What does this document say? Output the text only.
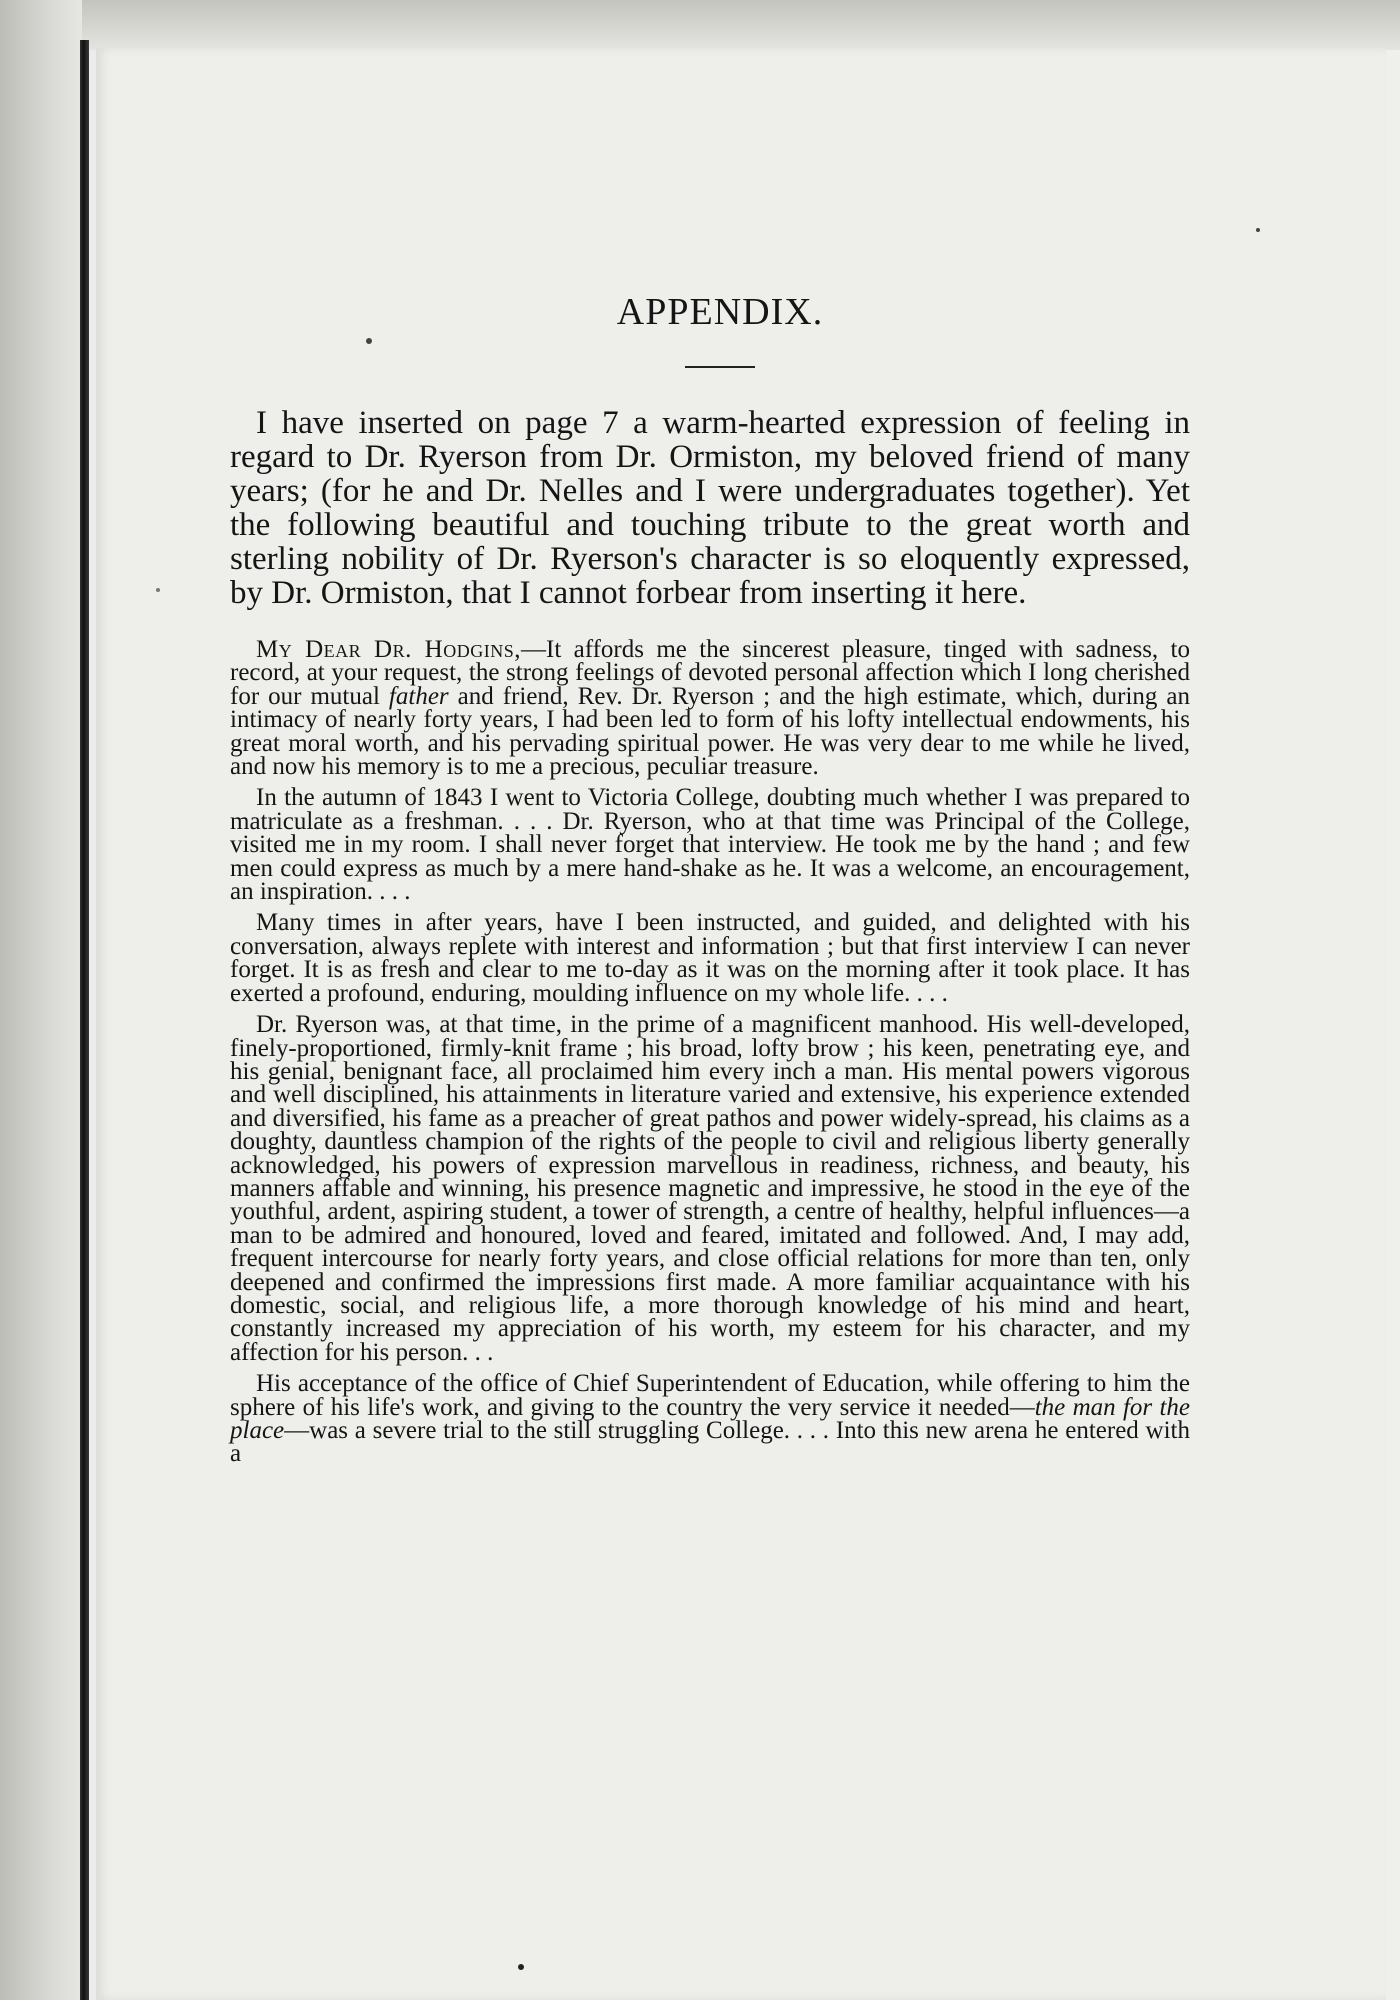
APPENDIX.

I have inserted on page 7 a warm-hearted expression of feeling in regard to Dr. Ryerson from Dr. Ormiston, my beloved friend of many years; (for he and Dr. Nelles and I were undergraduates together). Yet the following beautiful and touching tribute to the great worth and sterling nobility of Dr. Ryerson's character is so eloquently expressed, by Dr. Ormiston, that I cannot forbear from inserting it here.

My Dear Dr. Hodgins,—It affords me the sincerest pleasure, tinged with sadness, to record, at your request, the strong feelings of devoted personal affection which I long cherished for our mutual father and friend, Rev. Dr. Ryerson ; and the high estimate, which, during an intimacy of nearly forty years, I had been led to form of his lofty intellectual endowments, his great moral worth, and his pervading spiritual power. He was very dear to me while he lived, and now his memory is to me a precious, peculiar treasure.

In the autumn of 1843 I went to Victoria College, doubting much whether I was prepared to matriculate as a freshman. . . . Dr. Ryerson, who at that time was Principal of the College, visited me in my room. I shall never forget that interview. He took me by the hand ; and few men could express as much by a mere hand-shake as he. It was a welcome, an encouragement, an inspiration. . . .

Many times in after years, have I been instructed, and guided, and delighted with his conversation, always replete with interest and information ; but that first interview I can never forget. It is as fresh and clear to me to-day as it was on the morning after it took place. It has exerted a profound, enduring, moulding influence on my whole life. . . .

Dr. Ryerson was, at that time, in the prime of a magnificent manhood. His well-developed, finely-proportioned, firmly-knit frame ; his broad, lofty brow ; his keen, penetrating eye, and his genial, benignant face, all proclaimed him every inch a man. His mental powers vigorous and well disciplined, his attainments in literature varied and extensive, his experience extended and diversified, his fame as a preacher of great pathos and power widely-spread, his claims as a doughty, dauntless champion of the rights of the people to civil and religious liberty generally acknowledged, his powers of expression marvellous in readiness, richness, and beauty, his manners affable and winning, his presence magnetic and impressive, he stood in the eye of the youthful, ardent, aspiring student, a tower of strength, a centre of healthy, helpful influences—a man to be admired and honoured, loved and feared, imitated and followed. And, I may add, frequent intercourse for nearly forty years, and close official relations for more than ten, only deepened and confirmed the impressions first made. A more familiar acquaintance with his domestic, social, and religious life, a more thorough knowledge of his mind and heart, constantly increased my appreciation of his worth, my esteem for his character, and my affection for his person. . .

His acceptance of the office of Chief Superintendent of Education, while offering to him the sphere of his life's work, and giving to the country the very service it needed—the man for the place—was a severe trial to the still struggling College. . . . Into this new arena he entered with a
